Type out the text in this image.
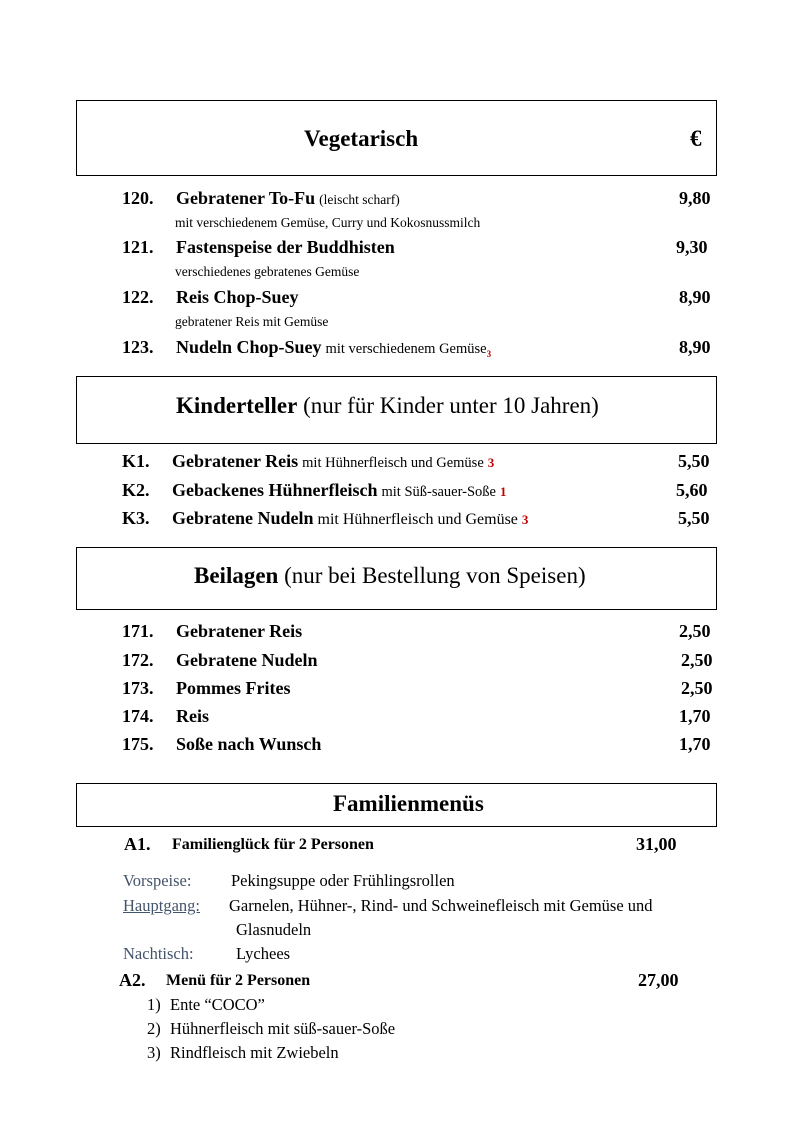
Vegetarisch	€
120. Gebratener To-Fu (leischt scharf)	9,80
mit verschiedenem Gemüse, Curry und Kokosnussmilch
121. Fastenspeise der Buddhisten	9,30
verschiedenes gebratenes Gemüse
122. Reis Chop-Suey	8,90
gebratener Reis mit Gemüse
123. Nudeln Chop-Suey mit verschiedenem Gemüse$_3$	8,90
Kinderteller (nur für Kinder unter 10 Jahren)
K1. Gebratener Reis mit Hühnerfleisch und Gemüse 3	5,50
K2. Gebackenes Hühnerfleisch mit Süß-sauer-Soße 1	5,60
K3. Gebratene Nudeln mit Hühnerfleisch und Gemüse 3	5,50
Beilagen (nur bei Bestellung von Speisen)
171. Gebratener Reis	2,50
172. Gebratene Nudeln	2,50
173. Pommes Frites	2,50
174. Reis	1,70
175. Soße nach Wunsch	1,70
Familienmenüs
A1. Familienglück für 2 Personen	31,00
Vorspeise: Pekingsuppe oder Frühlingsrollen
Hauptgang: Garnelen, Hühner-, Rind- und Schweinefleisch mit Gemüse und
Glasnudeln
Nachtisch:	Lychees
A2. Menü für 2 Personen	27,00
1) Ente “COCO”
2) Hühnerfleisch mit süß-sauer-Soße
3) Rindfleisch mit Zwiebeln
